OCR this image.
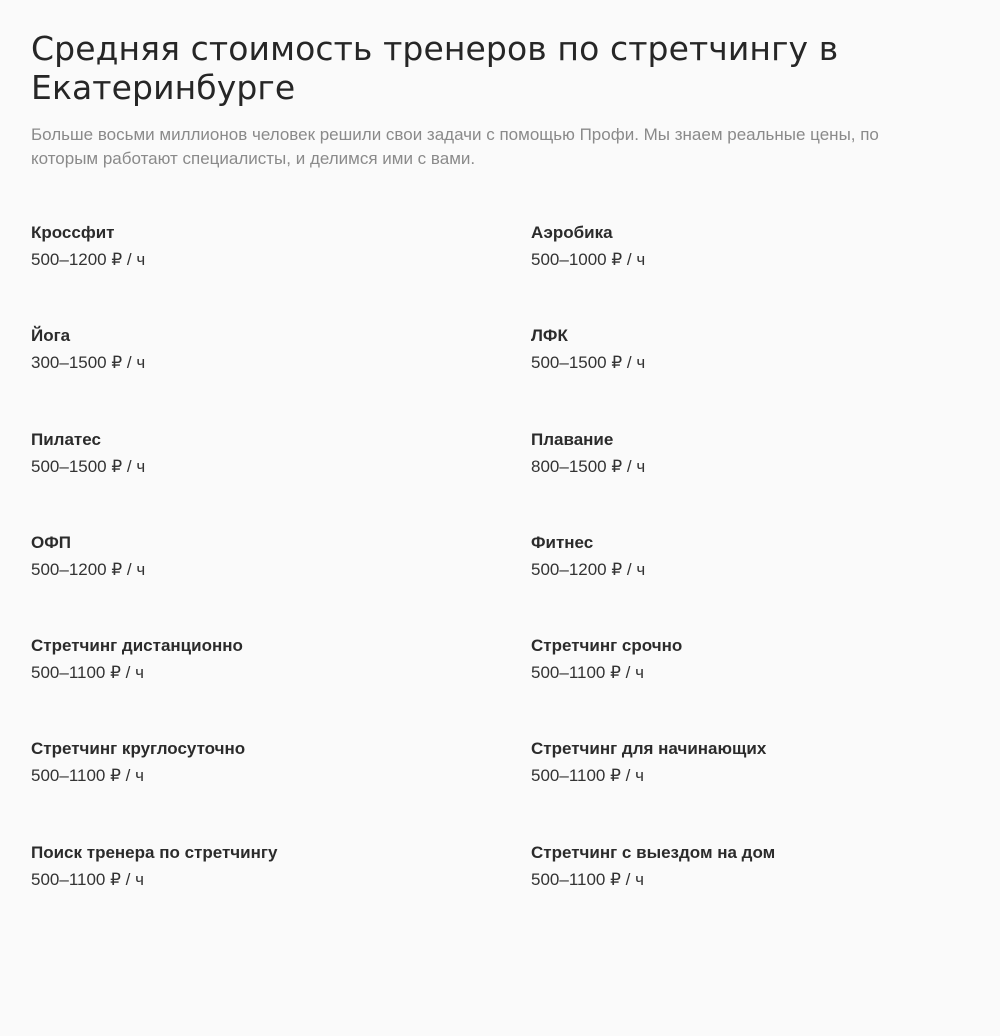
Средняя стоимость тренеров по стретчингу в Екатеринбурге

Больше восьми миллионов человек решили свои задачи с помощью Профи. Мы знаем реальные цены, по которым работают специалисты, и делимся ими с вами.

Кроссфит
500–1200 ₽ / ч
Аэробика
500–1000 ₽ / ч
Йога
300–1500 ₽ / ч
ЛФК
500–1500 ₽ / ч
Пилатес
500–1500 ₽ / ч
Плавание
800–1500 ₽ / ч
ОФП
500–1200 ₽ / ч
Фитнес
500–1200 ₽ / ч
Стретчинг дистанционно
500–1100 ₽ / ч
Стретчинг срочно
500–1100 ₽ / ч
Стретчинг круглосуточно
500–1100 ₽ / ч
Стретчинг для начинающих
500–1100 ₽ / ч
Поиск тренера по стретчингу
500–1100 ₽ / ч
Стретчинг с выездом на дом
500–1100 ₽ / ч
